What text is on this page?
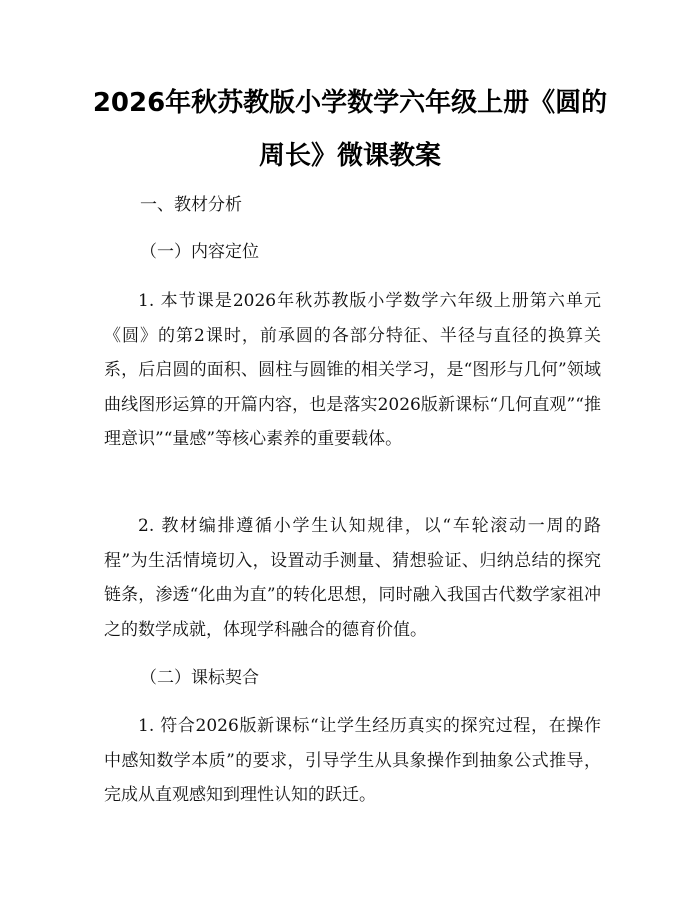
2026年秋苏教版小学数学六年级上册《圆的
周长》微课教案
一、教材分析
（一）内容定位

1. 本节课是2026年秋苏教版小学数学六年级上册第六单元《圆》的第2课时，前承圆的各部分特征、半径与直径的换算关系，后启圆的面积、圆柱与圆锥的相关学习，是“图形与几何”领域曲线图形运算的开篇内容，也是落实2026版新课标“几何直观”“推理意识”“量感”等核心素养的重要载体。

2. 教材编排遵循小学生认知规律，以“车轮滚动一周的路程”为生活情境切入，设置动手测量、猜想验证、归纳总结的探究链条，渗透“化曲为直”的转化思想，同时融入我国古代数学家祖冲之的数学成就，体现学科融合的德育价值。

（二）课标契合

1. 符合2026版新课标“让学生经历真实的探究过程，在操作中感知数学本质”的要求，引导学生从具象操作到抽象公式推导，完成从直观感知到理性认知的跃迁。
